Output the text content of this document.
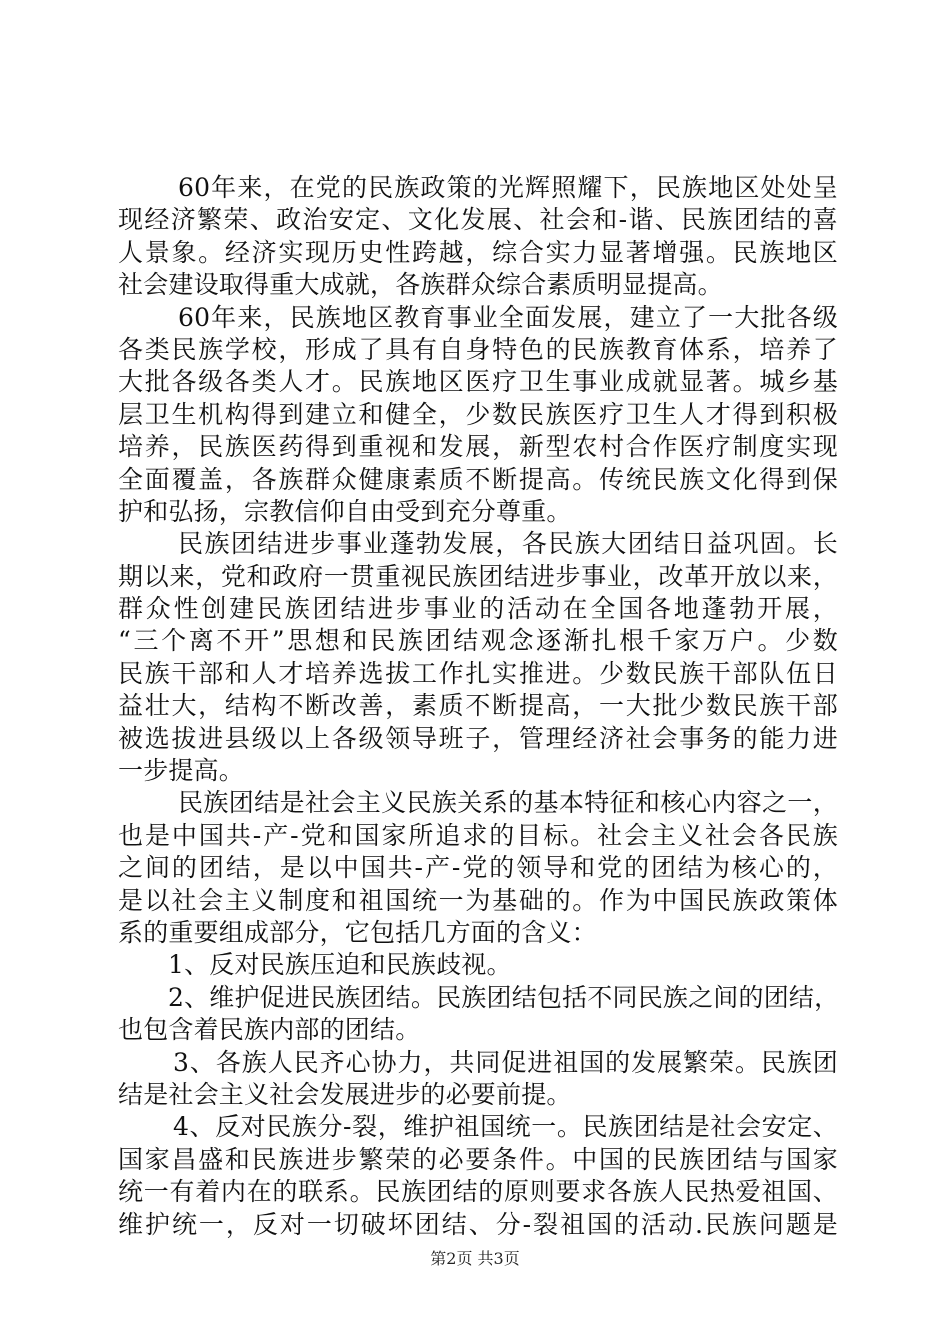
60年来，在党的民族政策的光辉照耀下，民族地区处处呈
现经济繁荣、政治安定、文化发展、社会和-谐、民族团结的喜
人景象。经济实现历史性跨越，综合实力显著增强。民族地区
社会建设取得重大成就，各族群众综合素质明显提高。
60年来，民族地区教育事业全面发展，建立了一大批各级
各类民族学校，形成了具有自身特色的民族教育体系，培养了
大批各级各类人才。民族地区医疗卫生事业成就显著。城乡基
层卫生机构得到建立和健全，少数民族医疗卫生人才得到积极
培养，民族医药得到重视和发展，新型农村合作医疗制度实现
全面覆盖，各族群众健康素质不断提高。传统民族文化得到保
护和弘扬，宗教信仰自由受到充分尊重。
民族团结进步事业蓬勃发展，各民族大团结日益巩固。长
期以来，党和政府一贯重视民族团结进步事业，改革开放以来，
群众性创建民族团结进步事业的活动在全国各地蓬勃开展，
“三个离不开”思想和民族团结观念逐渐扎根千家万户。少数
民族干部和人才培养选拔工作扎实推进。少数民族干部队伍日
益壮大，结构不断改善，素质不断提高，一大批少数民族干部
被选拔进县级以上各级领导班子，管理经济社会事务的能力进
一步提高。
民族团结是社会主义民族关系的基本特征和核心内容之一，
也是中国共-产-党和国家所追求的目标。社会主义社会各民族
之间的团结，是以中国共-产-党的领导和党的团结为核心的，
是以社会主义制度和祖国统一为基础的。作为中国民族政策体
系的重要组成部分，它包括几方面的含义：
1、反对民族压迫和民族歧视。
2、维护促进民族团结。民族团结包括不同民族之间的团结，
也包含着民族内部的团结。
3、各族人民齐心协力，共同促进祖国的发展繁荣。民族团
结是社会主义社会发展进步的必要前提。
4、反对民族分-裂，维护祖国统一。民族团结是社会安定、
国家昌盛和民族进步繁荣的必要条件。中国的民族团结与国家
统一有着内在的联系。民族团结的原则要求各族人民热爱祖国、
维护统一，反对一切破坏团结、分-裂祖国的活动.民族问题是
第2页 共3页
